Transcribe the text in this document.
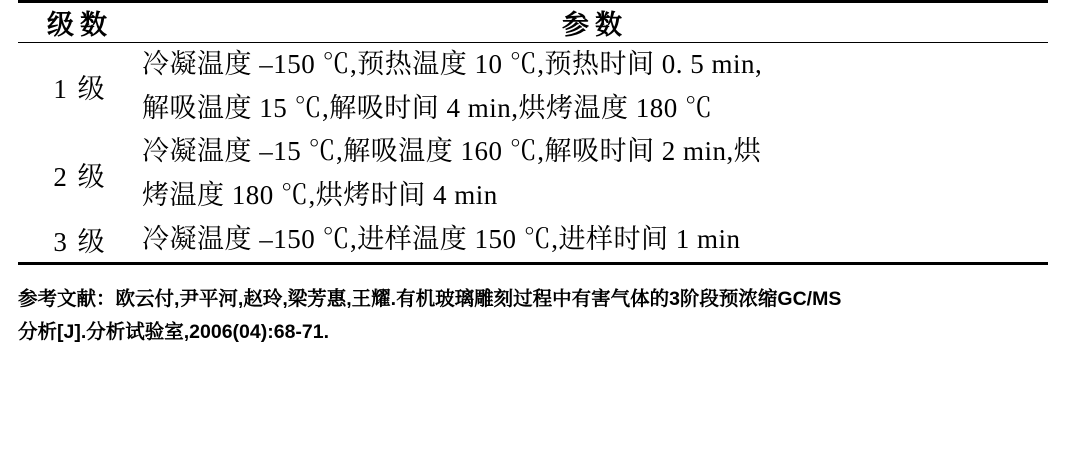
级数	参数
1 级	冷凝温度 –150 ℃,预热温度 10 ℃,预热时间 0. 5 min,
解吸温度 15 ℃,解吸时间 4 min,烘烤温度 180 ℃

2 级	冷凝温度 –15 ℃,解吸温度 160 ℃,解吸时间 2 min,烘
烤温度 180 ℃,烘烤时间 4 min

3 级	冷凝温度 –150 ℃,进样温度 150 ℃,进样时间 1 min

参考文献：欧云付,尹平河,赵玲,梁芳惠,王耀.有机玻璃雕刻过程中有害气体的3阶段预浓缩GC/MS
分析[J].分析试验室,2006(04):68-71.
